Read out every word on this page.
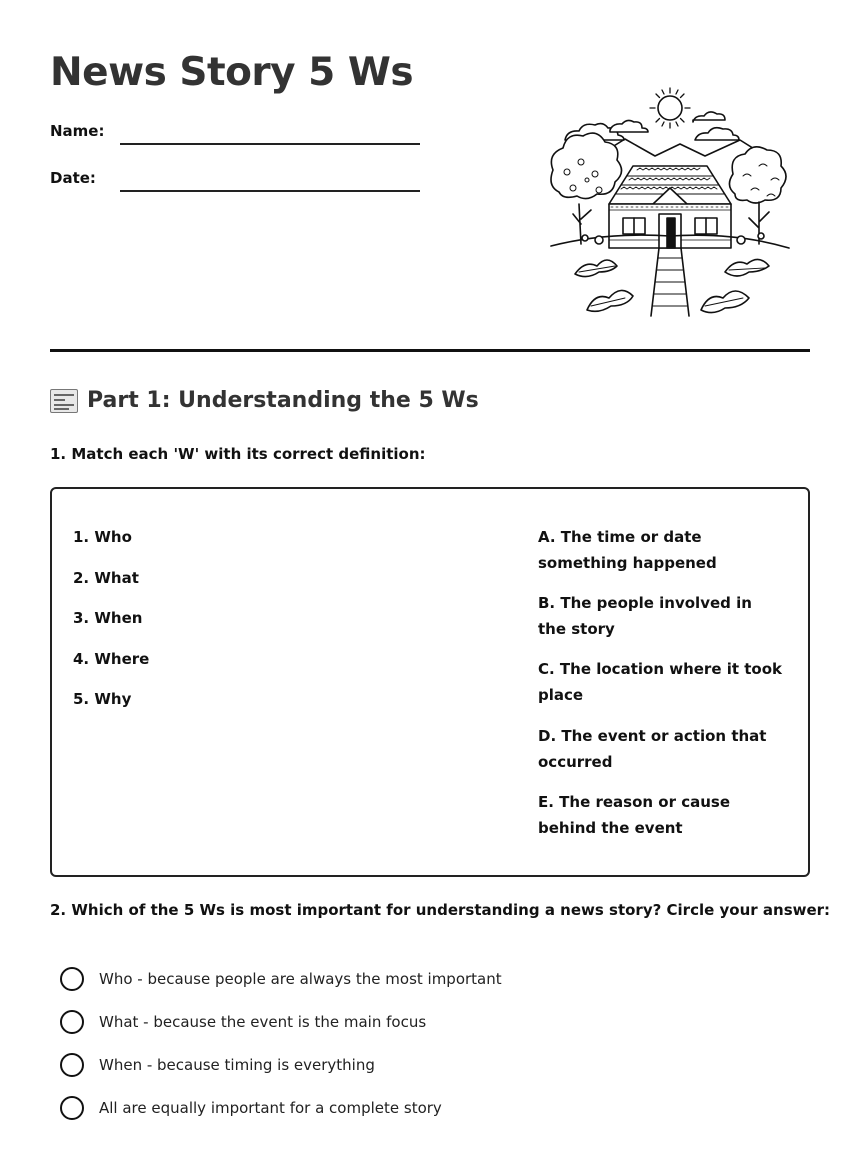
News Story 5 Ws
Name:
Date:
Part 1: Understanding the 5 Ws
1. Match each 'W' with its correct definition:
1. Who
2. What
3. When
4. Where
5. Why
A. The time or date something happened
B. The people involved in the story
C. The location where it took place
D. The event or action that occurred
E. The reason or cause behind the event
2. Which of the 5 Ws is most important for understanding a news story? Circle your answer:
Who - because people are always the most important
What - because the event is the main focus
When - because timing is everything
All are equally important for a complete story
